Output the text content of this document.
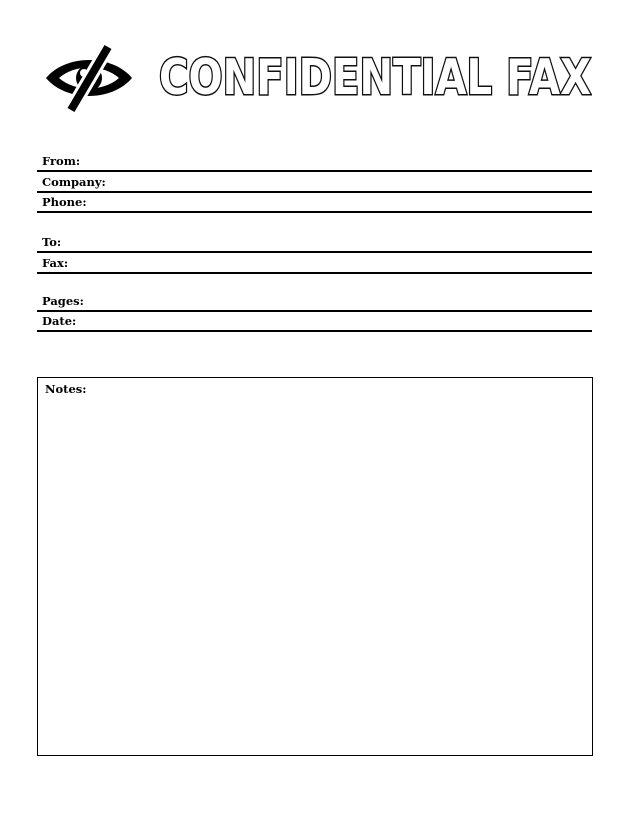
CONFIDENTIAL FAX
From:
Company:
Phone:
To:
Fax:
Pages:
Date:
Notes:
